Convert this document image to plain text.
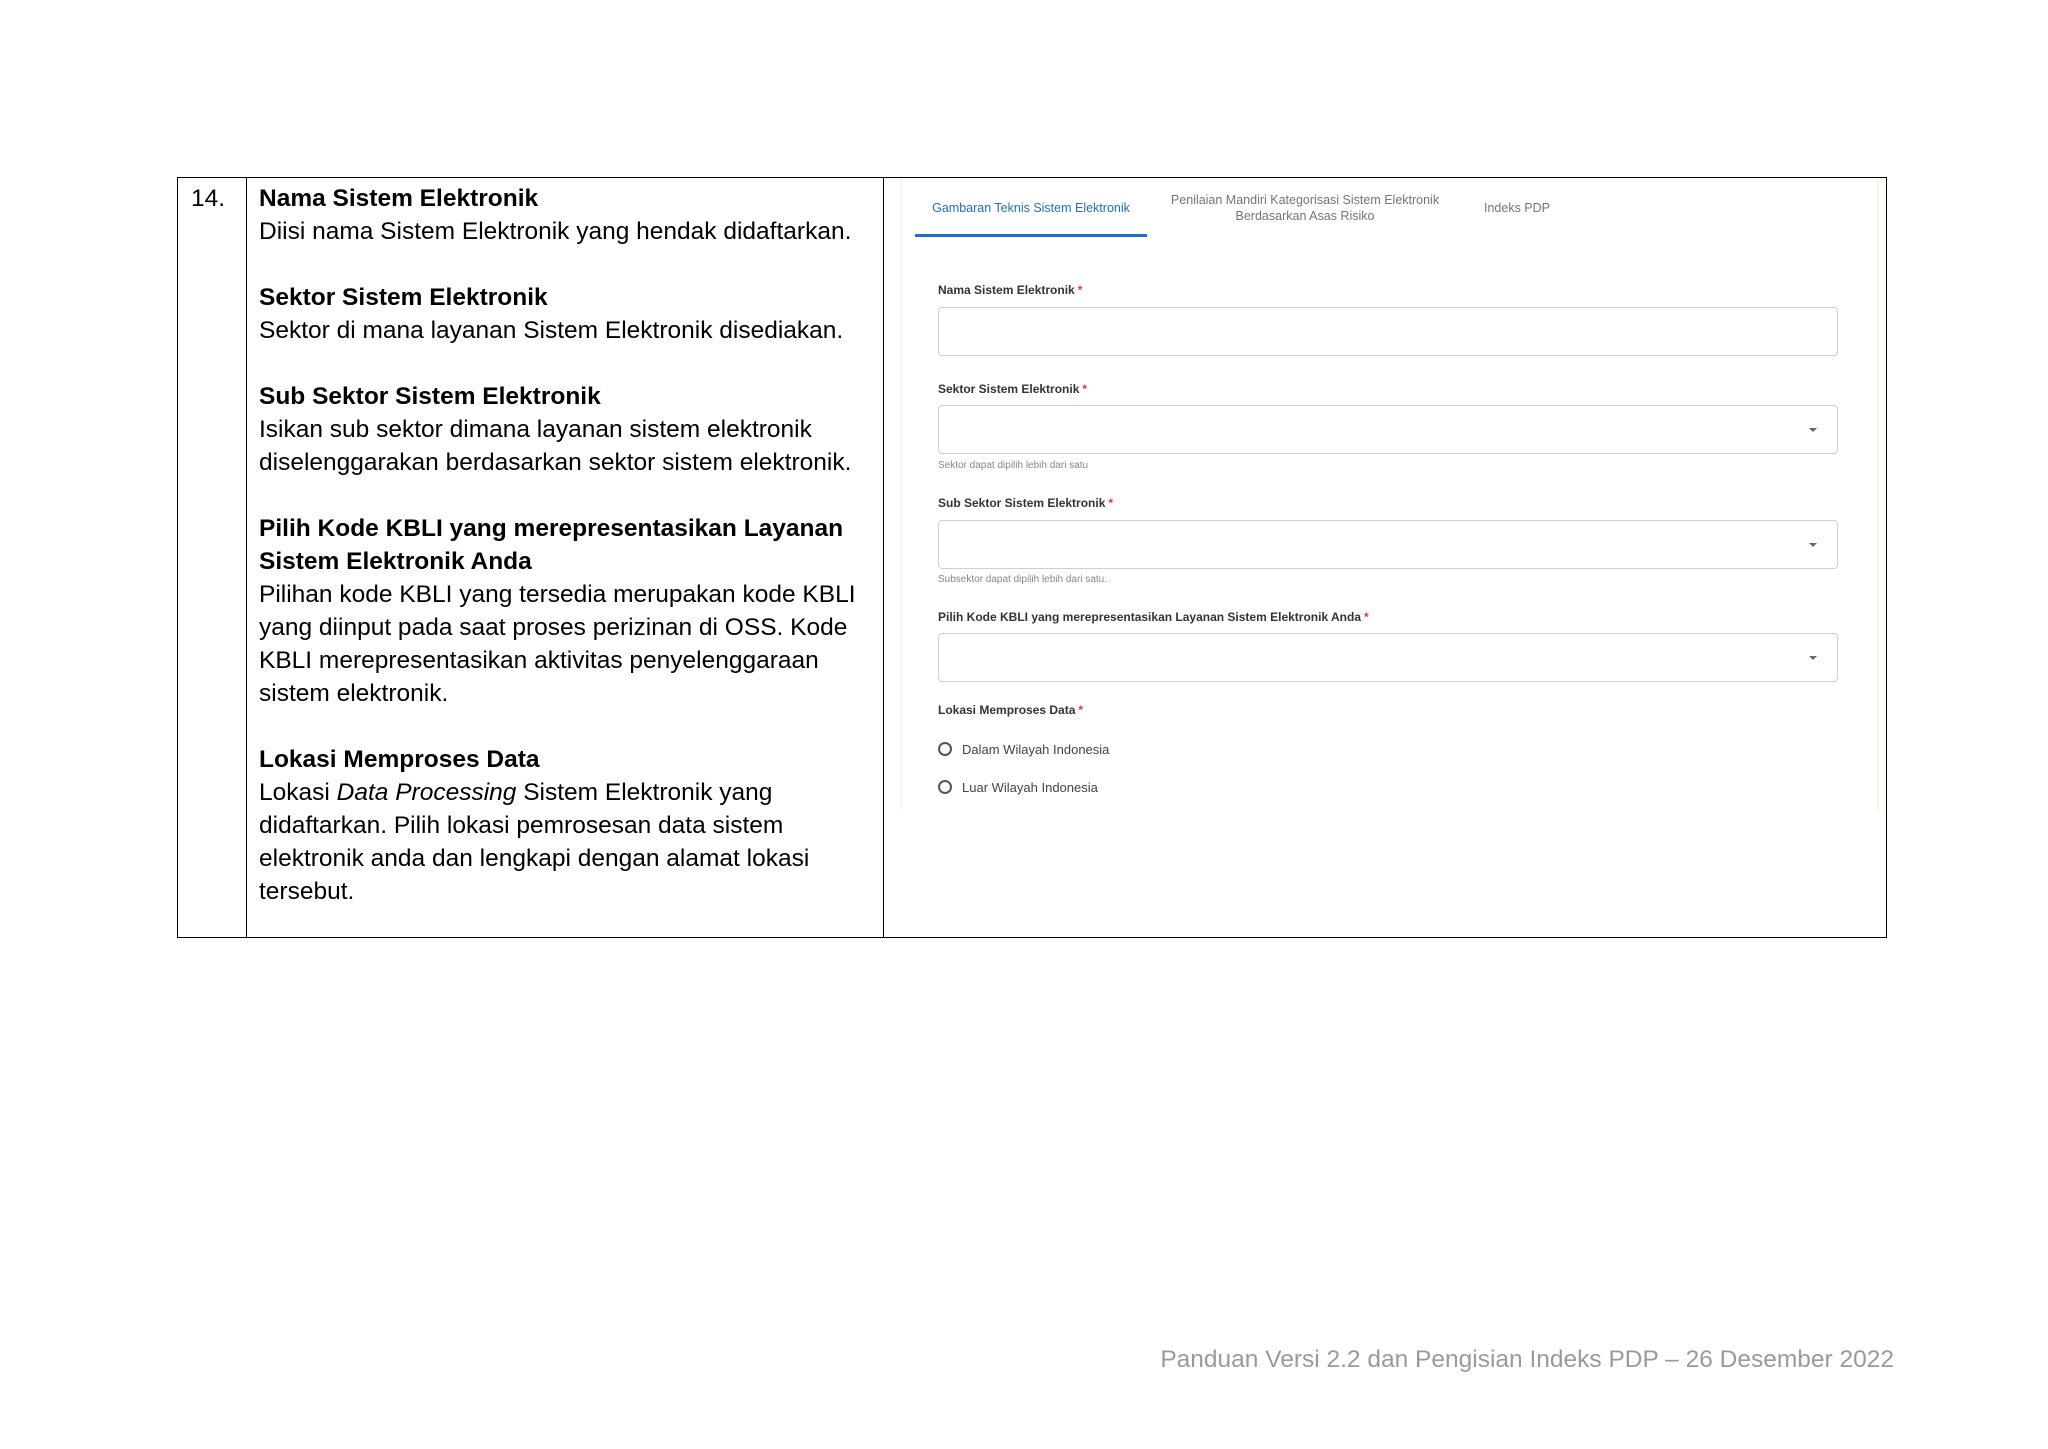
14. Nama Sistem Elektronik
Diisi nama Sistem Elektronik yang hendak didaftarkan.
Sektor Sistem Elektronik
Sektor di mana layanan Sistem Elektronik disediakan.
Sub Sektor Sistem Elektronik
Isikan sub sektor dimana layanan sistem elektronik diselenggarakan berdasarkan sektor sistem elektronik.
Pilih Kode KBLI yang merepresentasikan Layanan Sistem Elektronik Anda
Pilihan kode KBLI yang tersedia merupakan kode KBLI yang diinput pada saat proses perizinan di OSS. Kode KBLI merepresentasikan aktivitas penyelenggaraan sistem elektronik.
Lokasi Memproses Data
Lokasi Data Processing Sistem Elektronik yang didaftarkan. Pilih lokasi pemrosesan data sistem elektronik anda dan lengkapi dengan alamat lokasi tersebut.
Gambaran Teknis Sistem Elektronik
Penilaian Mandiri Kategorisasi Sistem Elektronik Berdasarkan Asas Risiko
Indeks PDP
Nama Sistem Elektronik *
Sektor Sistem Elektronik *
Sektor dapat dipilih lebih dari satu
Sub Sektor Sistem Elektronik *
Subsektor dapat dipilih lebih dari satu.
Pilih Kode KBLI yang merepresentasikan Layanan Sistem Elektronik Anda *
Lokasi Memproses Data *
Dalam Wilayah Indonesia
Luar Wilayah Indonesia
Panduan Versi 2.2 dan Pengisian Indeks PDP – 26 Desember 2022
